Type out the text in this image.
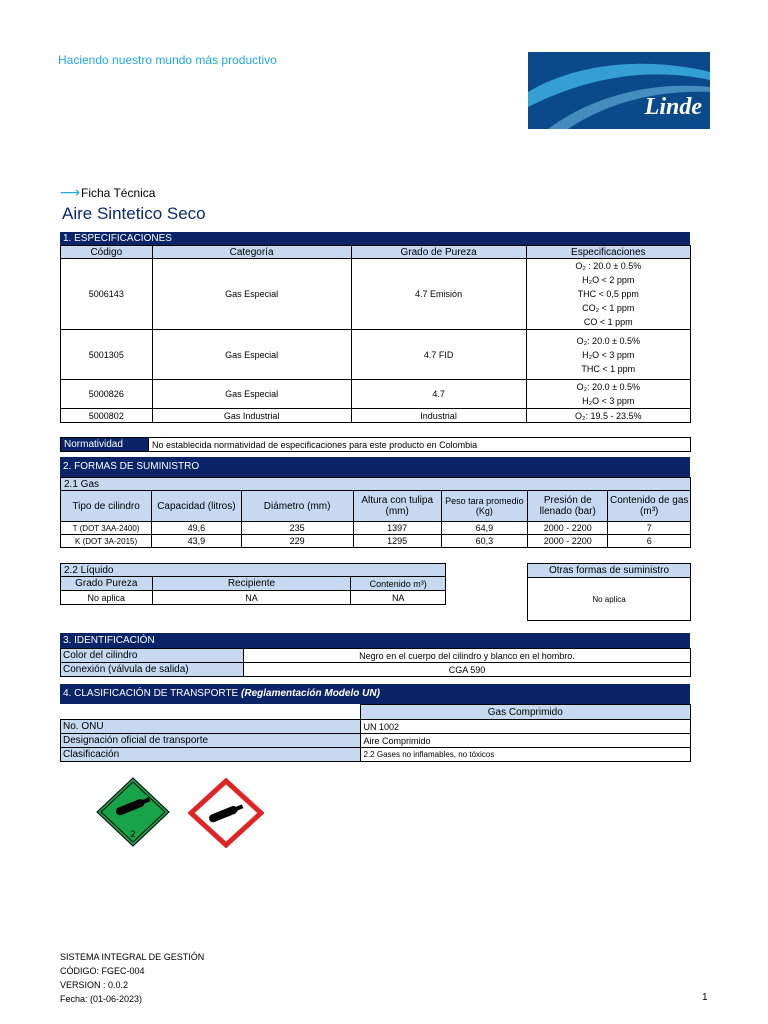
Haciendo nuestro mundo más productivo
Linde
⟶ Ficha Técnica
Aire Sintetico Seco
1. ESPECIFICACIONES
Código	Categoría	Grado de Pureza	Especificaciones
5006143	Gas Especial	4.7 Emisión	O₂ : 20.0 ± 0.5%
H₂O < 2 ppm
THC < 0,5 ppm
CO₂ < 1 ppm
CO < 1 ppm

5001305	Gas Especial	4.7 FID	O₂: 20.0 ± 0.5%
H₂O < 3 ppm
THC < 1 ppm

5000826	Gas Especial	4.7	O₂: 20.0 ± 0.5%
H₂O < 3 ppm

5000802	Gas Industrial	Industrial	O₂: 19.5 - 23.5%
Normatividad	No establecida normatividad de especificaciones para este producto en Colombia
2. FORMAS DE SUMINISTRO
2.1 Gas						
Tipo de cilindro	Capacidad (litros)	Diámetro (mm)	Altura con tulipa (mm)	Peso tara promedio (Kg)	Presión de llenado (bar)	Contenido de gas (m³)
T (DOT 3AA-2400)	49,6	235	1397	64,9	2000 - 2200	7
K (DOT 3A-2015)	43,9	229	1295	60,3	2000 - 2200	6
2.2 Líquido		
Grado Pureza	Recipiente	Contenido m³)
No aplica	NA	NA
Otras formas de suministro
No aplica
3. IDENTIFICACIÓN
Color del cilindro	Negro en el cuerpo del cilindro y blanco en el hombro.
Conexión (válvula de salida)	CGA 590
4. CLASIFICACIÓN DE TRANSPORTE (Reglamentación Modelo UN)
	Gas Comprimido
No. ONU	UN 1002
Designación oficial de transporte	Aire Comprimido
Clasificación	2.2 Gases no inflamables, no tóxicos
2
SISTEMA INTEGRAL DE GESTIÓN
CÓDIGO: FGEC-004
VERSION : 0.0.2
Fecha: (01-06-2023)	1
